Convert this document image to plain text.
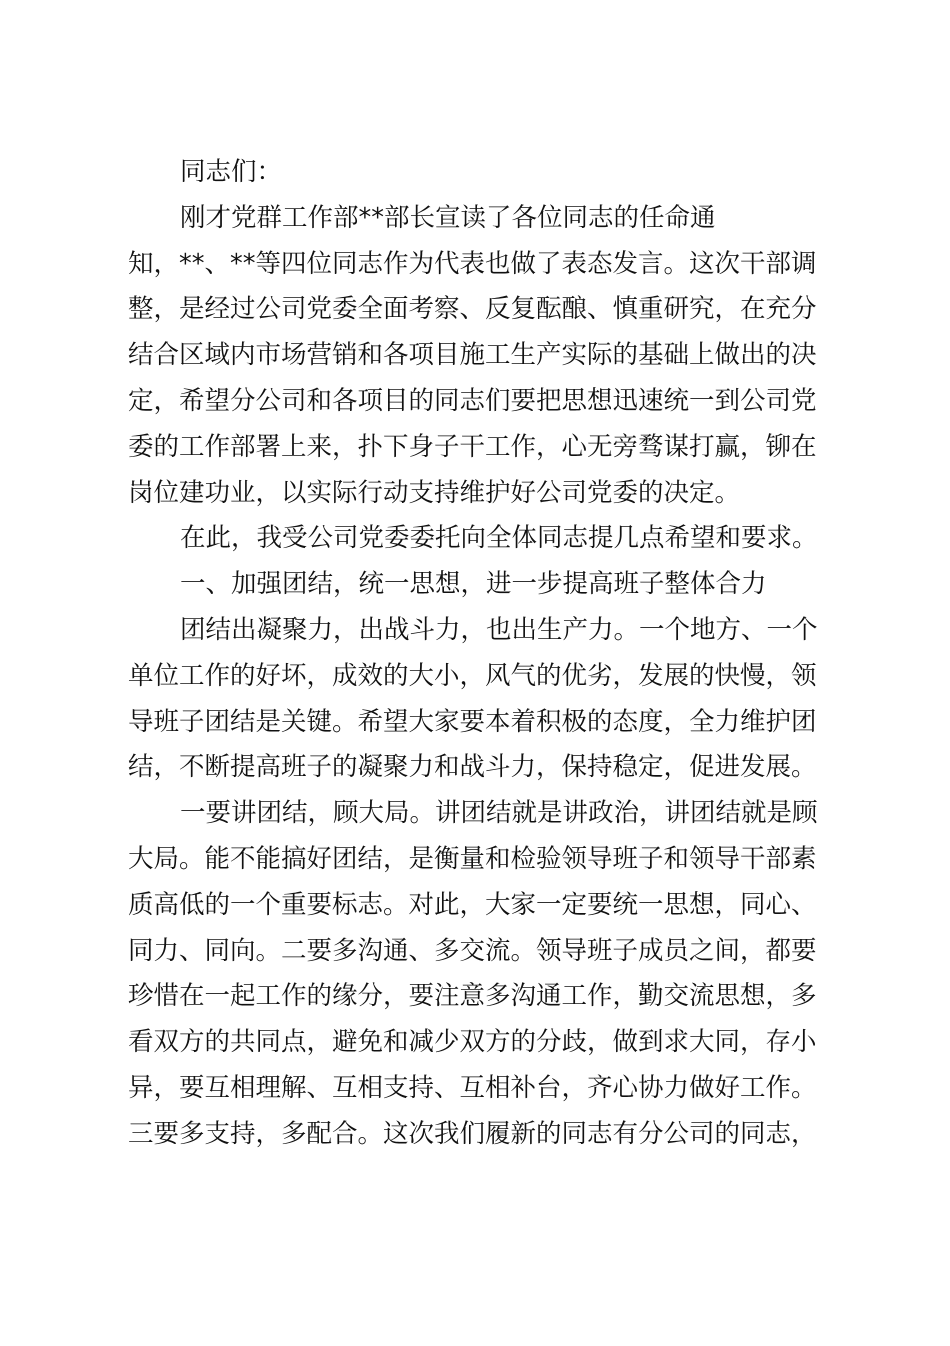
同志们：
刚才党群工作部**部长宣读了各位同志的任命通
知，**、**等四位同志作为代表也做了表态发言。这次干部调
整，是经过公司党委全面考察、反复酝酿、慎重研究，在充分
结合区域内市场营销和各项目施工生产实际的基础上做出的决
定，希望分公司和各项目的同志们要把思想迅速统一到公司党
委的工作部署上来，扑下身子干工作，心无旁骛谋打赢，铆在
岗位建功业，以实际行动支持维护好公司党委的决定。
在此，我受公司党委委托向全体同志提几点希望和要求。
一、加强团结，统一思想，进一步提高班子整体合力
团结出凝聚力，出战斗力，也出生产力。一个地方、一个
单位工作的好坏，成效的大小，风气的优劣，发展的快慢，领
导班子团结是关键。希望大家要本着积极的态度，全力维护团
结，不断提高班子的凝聚力和战斗力，保持稳定，促进发展。
一要讲团结，顾大局。讲团结就是讲政治，讲团结就是顾
大局。能不能搞好团结，是衡量和检验领导班子和领导干部素
质高低的一个重要标志。对此，大家一定要统一思想，同心、
同力、同向。二要多沟通、多交流。领导班子成员之间，都要
珍惜在一起工作的缘分，要注意多沟通工作，勤交流思想，多
看双方的共同点，避免和减少双方的分歧，做到求大同，存小
异，要互相理解、互相支持、互相补台，齐心协力做好工作。
三要多支持，多配合。这次我们履新的同志有分公司的同志，
